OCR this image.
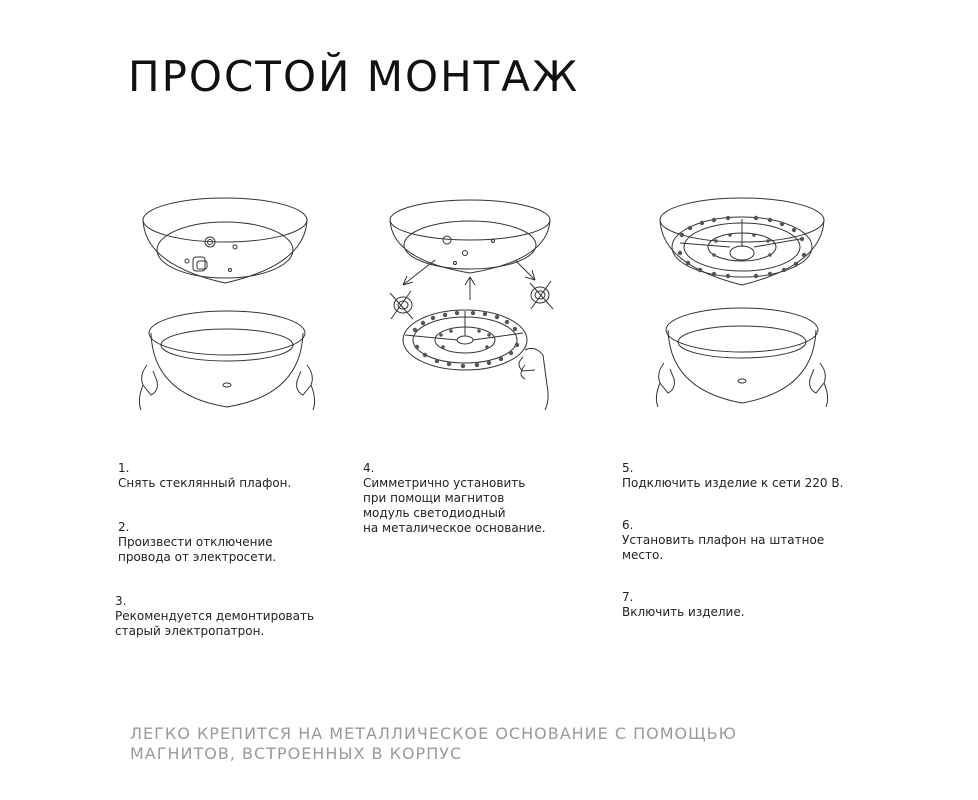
ПРОСТОЙ МОНТАЖ

1.
Снять стеклянный плафон.

2.
Произвести отключение
провода от электросети.

3.
Рекомендуется демонтировать
старый электропатрон.

4.
Симметрично установить
при помощи магнитов
модуль светодиодный
на металическое основание.

5.
Подключить изделие к сети 220 В.

6.
Установить плафон на штатное
место.

7.
Включить изделие.

ЛЕГКО КРЕПИТСЯ НА МЕТАЛЛИЧЕСКОЕ ОСНОВАНИЕ С ПОМОЩЬЮ МАГНИТОВ, ВСТРОЕННЫХ В КОРПУС
